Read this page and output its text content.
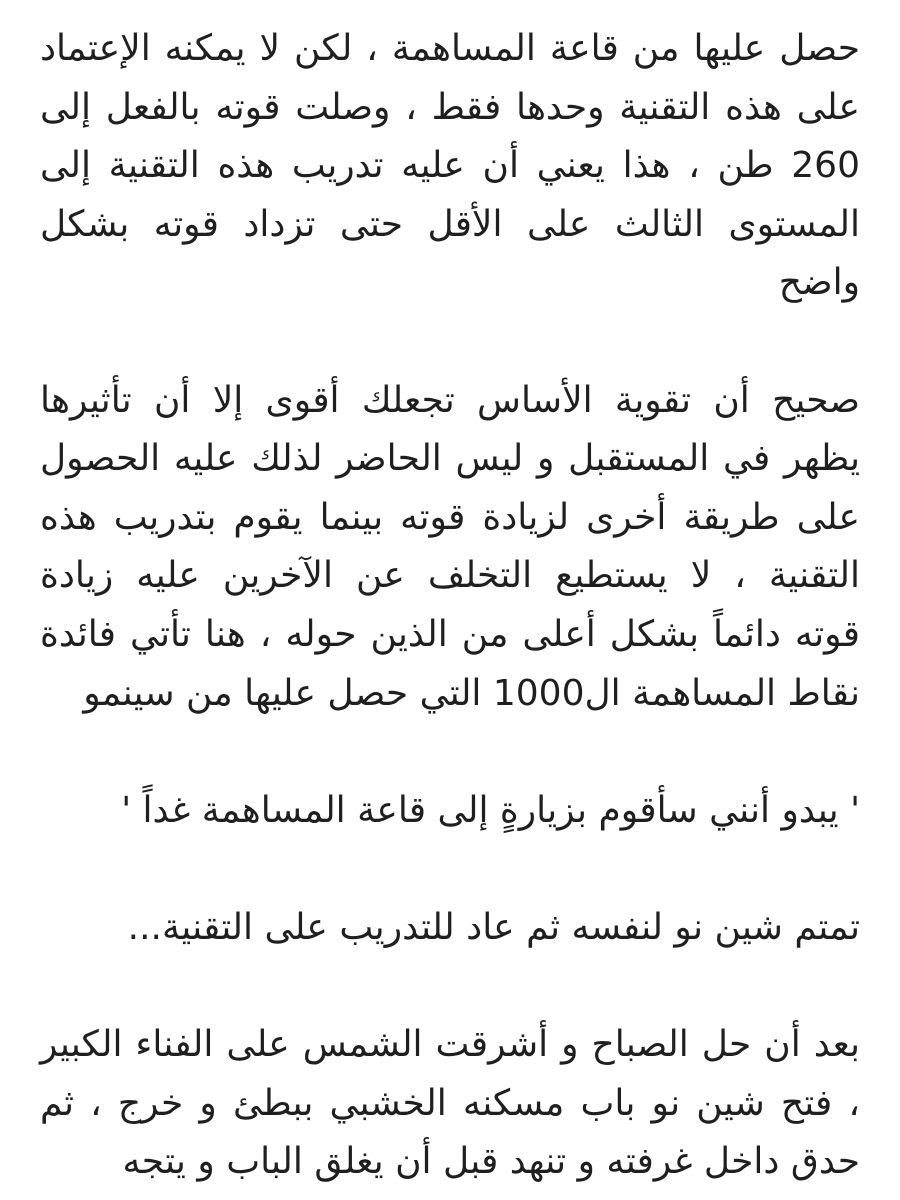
حصل عليها من قاعة المساهمة ، لكن لا يمكنه الإعتماد
على هذه التقنية وحدها فقط ، وصلت قوته بالفعل إلى
260 طن ، هذا يعني أن عليه تدريب هذه التقنية إلى
المستوى الثالث على الأقل حتى تزداد قوته بشكل
واضح
صحيح أن تقوية الأساس تجعلك أقوى إلا أن تأثيرها
يظهر في المستقبل و ليس الحاضر لذلك عليه الحصول
على طريقة أخرى لزيادة قوته بينما يقوم بتدريب هذه
التقنية ، لا يستطيع التخلف عن الآخرين عليه زيادة
قوته دائماً بشكل أعلى من الذين حوله ، هنا تأتي فائدة
نقاط المساهمة ال1000 التي حصل عليها من سينمو
' يبدو أنني سأقوم بزيارةٍ إلى قاعة المساهمة غداً '
تمتم شين نو لنفسه ثم عاد للتدريب على التقنية...
بعد أن حل الصباح و أشرقت الشمس على الفناء الكبير
، فتح شين نو باب مسكنه الخشبي ببطئ و خرج ، ثم
حدق داخل غرفته و تنهد قبل أن يغلق الباب و يتجه
